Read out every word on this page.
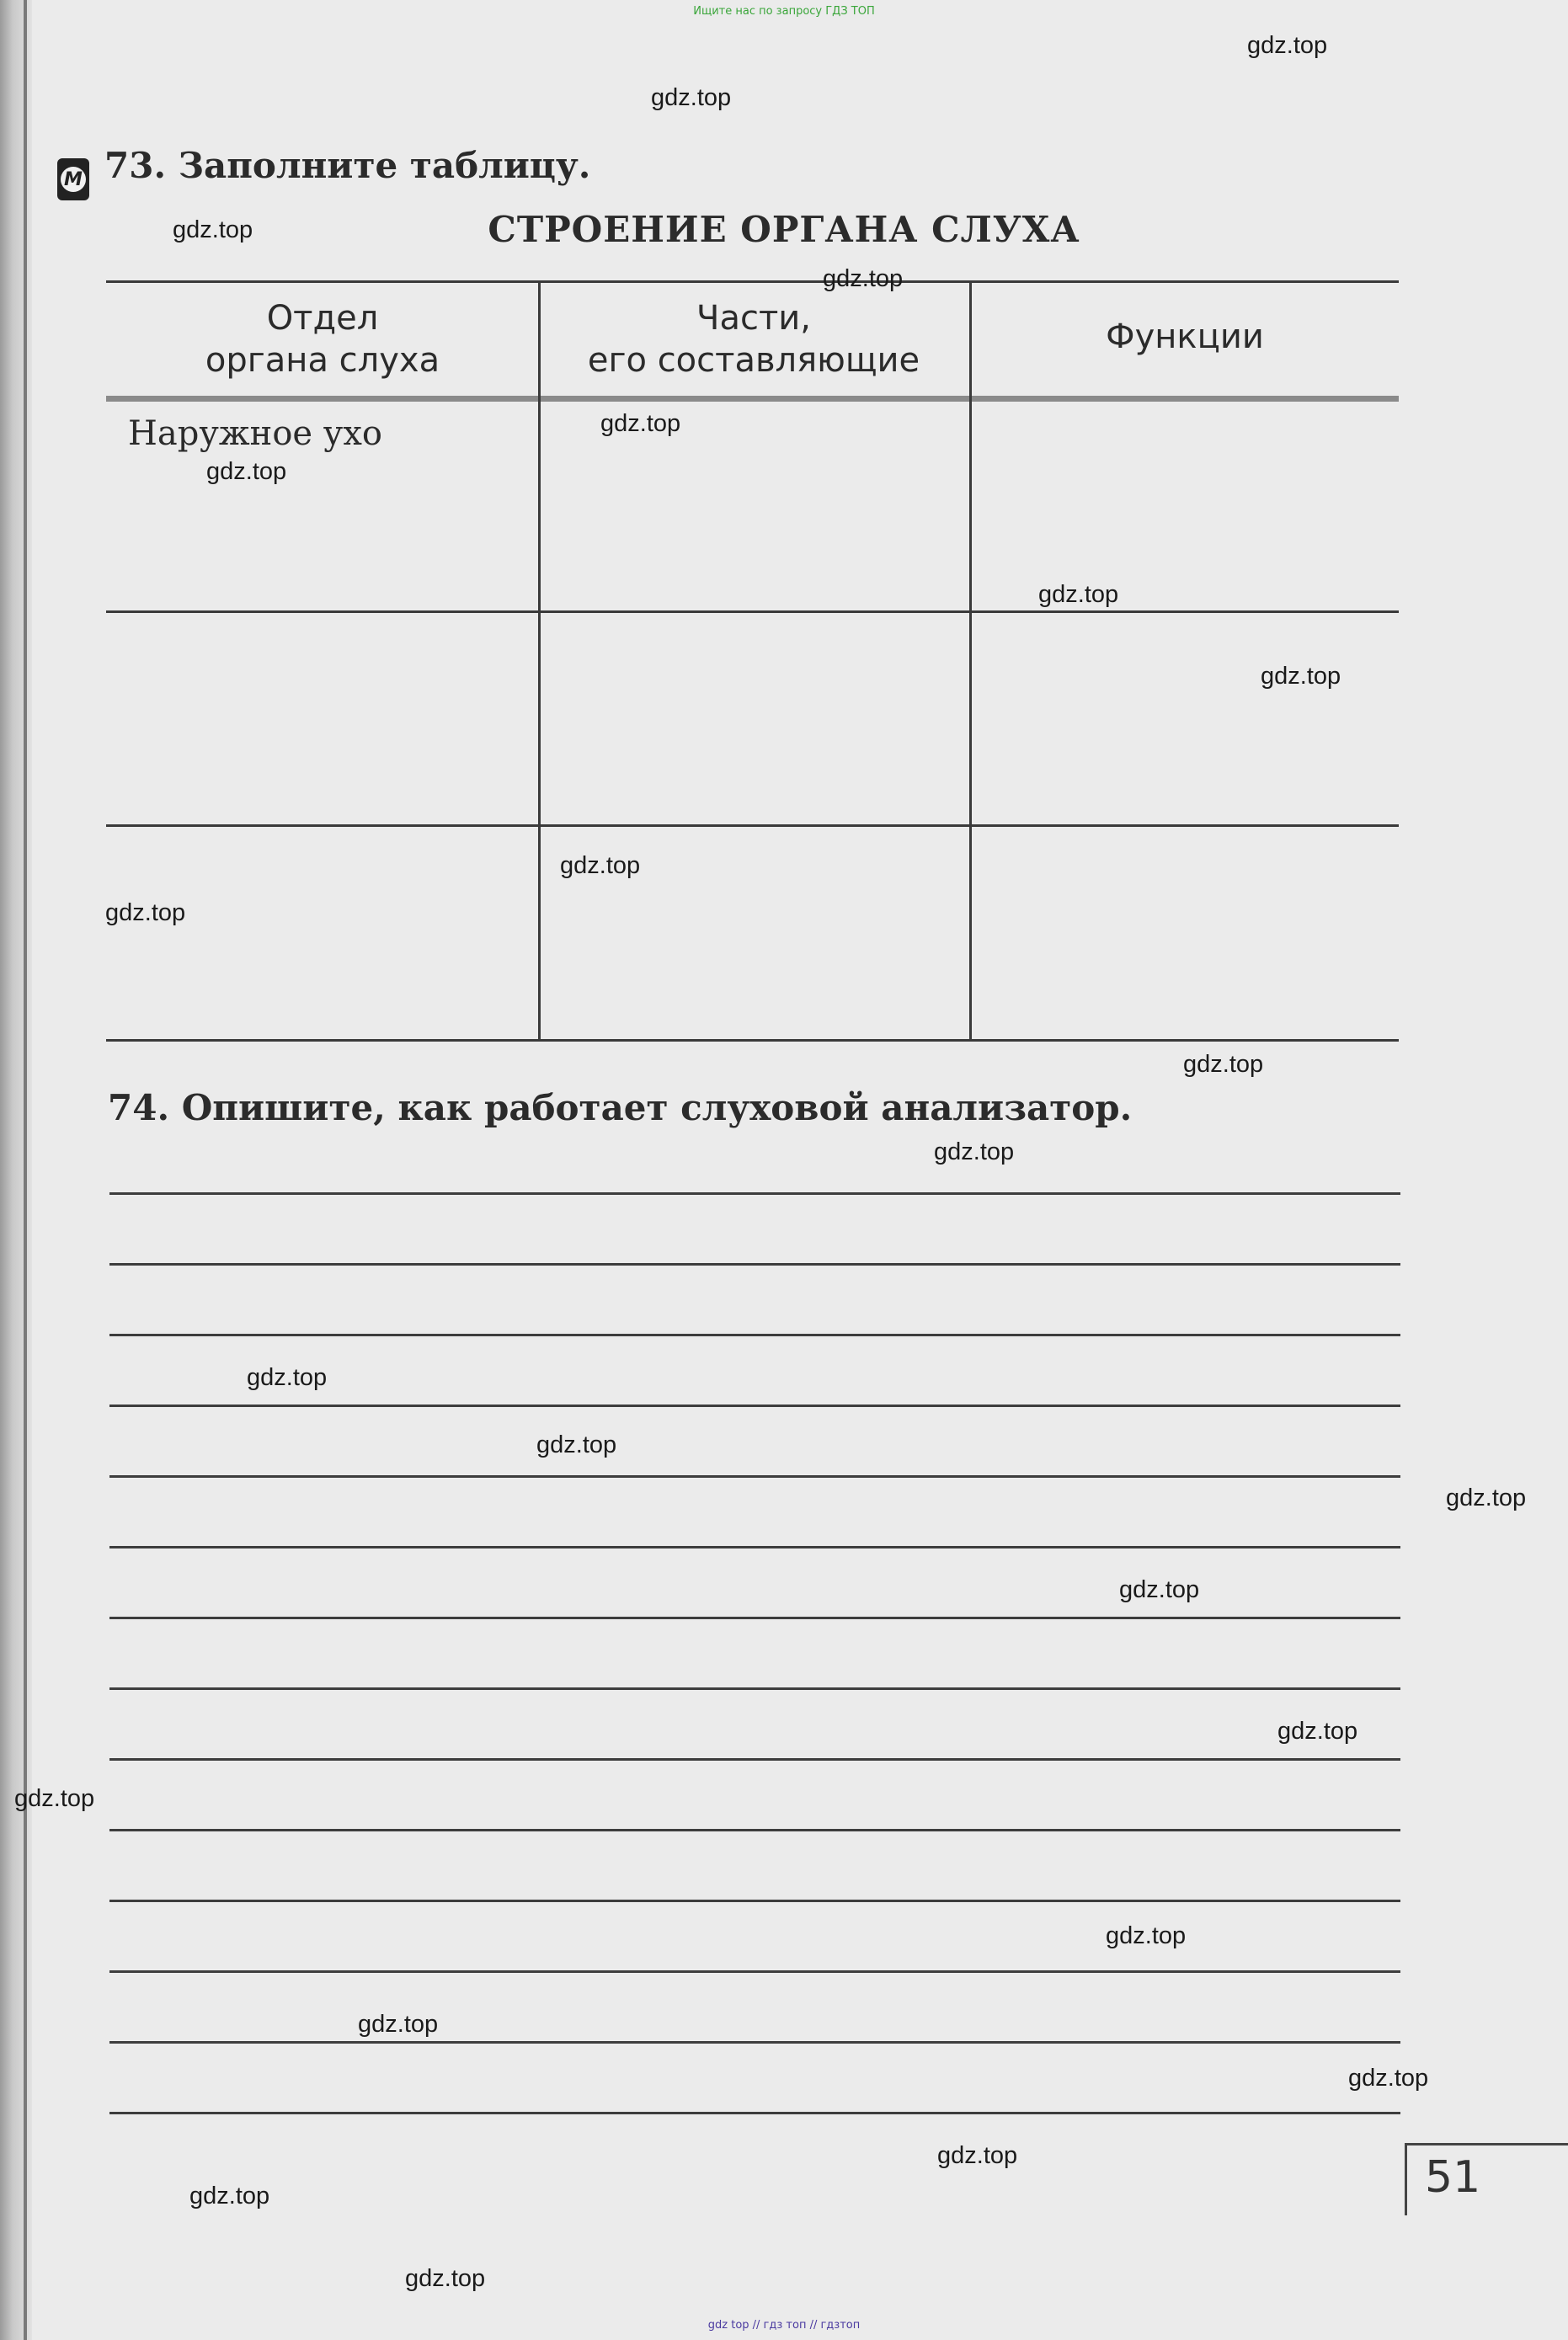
Ищите нас по запросу ГДЗ ТОП
М 73. Заполните таблицу.
СТРОЕНИЕ ОРГАНА СЛУХА
Отдел
органа слуха
Части,
его составляющие
Функции
Наружное ухо
74. Опишите, как работает слуховой анализатор.
51
gdz.top
gdz.top
gdz.top
gdz.top
gdz.top
gdz.top
gdz.top
gdz.top
gdz.top
gdz.top
gdz.top
gdz.top
gdz.top
gdz.top
gdz.top
gdz.top
gdz.top
gdz.top
gdz.top
gdz.top
gdz.top
gdz.top
gdz.top
gdz.top
gdz top // гдз топ // гдзтоп
